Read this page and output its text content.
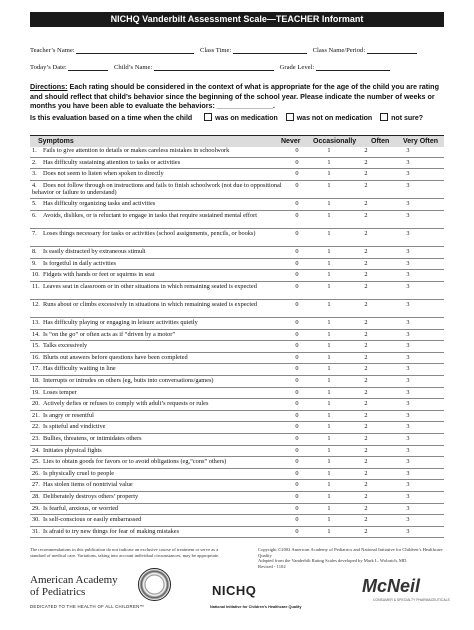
NICHQ Vanderbilt Assessment Scale—TEACHER Informant
Teacher’s Name:	Class Time:	Class Name/Period:
Today’s Date:	Child’s Name:	Grade Level:
Directions: Each rating should be considered in the context of what is appropriate for the age of the child you are rating and should reflect that child’s behavior since the beginning of the school year. Please indicate the number of weeks or months you have been able to evaluate the behaviors: ______________.
Is this evaluation based on a time when the child	was on medication	was not on medication	not sure?
Symptoms	Never Occasionally Often Very Often
1. Fails to give attention to details or makes careless mistakes in schoolwork	0	1	2	3
2. Has difficulty sustaining attention to tasks or activities	0	1	2	3
3. Does not seem to listen when spoken to directly	0	1	2	3
4. Does not follow through on instructions and fails to finish schoolwork (not due to oppositional behavior or failure to understand)
0	1	2	3
5. Has difficulty organizing tasks and activities	0	1	2	3
6. Avoids, dislikes, or is reluctant to engage in tasks that require sustained mental effort	0	1	2	3
7. Loses things necessary for tasks or activities (school assignments, pencils, or books)	0	1	2	3
8. Is easily distracted by extraneous stimuli	0	1	2	3
9. Is forgetful in daily activities	0	1	2	3
10. Fidgets with hands or feet or squirms in seat	0	1	2	3
11. Leaves seat in classroom or in other situations in which remaining seated is expected	0	1	2	3
12. Runs about or climbs excessively in situations in which remaining seated is expected	0	1	2	3
13. Has difficulty playing or engaging in leisure activities quietly	0	1	2	3
14. Is “on the go” or often acts as if “driven by a motor”	0	1	2	3
15. Talks excessively	0	1	2	3
16. Blurts out answers before questions have been completed	0	1	2	3
17. Has difficulty waiting in line	0	1	2	3
18. Interrupts or intrudes on others (eg, butts into conversations/games)	0	1	2	3
19. Loses temper	0	1	2	3
20. Actively defies or refuses to comply with adult’s requests or rules	0	1	2	3
21. Is angry or resentful	0	1	2	3
22. Is spiteful and vindictive	0	1	2	3
23. Bullies, threatens, or intimidates others	0	1	2	3
24. Initiates physical fights	0	1	2	3
25. Lies to obtain goods for favors or to avoid obligations (eg,“cons” others)	0	1	2	3
26. Is physically cruel to people	0	1	2	3
27. Has stolen items of nontrivial value	0	1	2	3
28. Deliberately destroys others’ property	0	1	2	3
29. Is fearful, anxious, or worried	0	1	2	3
30. Is self-conscious or easily embarrassed	0	1	2	3
31. Is afraid to try new things for fear of making mistakes	0	1	2	3
The recommendations in this publication do not indicate an exclusive course of treatment or serve as a standard of medical care. Variations, taking into account individual circumstances, may be appropriate.
Copyright ©2002 American Academy of Pediatrics and National Initiative for Children’s Healthcare Quality
Adapted from the Vanderbilt Rating Scales developed by Mark L. Wolraich, MD.
Revised - 1102
American Academy
of Pediatrics
DEDICATED TO THE HEALTH OF ALL CHILDREN™
NICHQ
National Initiative for Children’s Healthcare Quality
McNeil
CONSUMER & SPECIALTY PHARMACEUTICALS
